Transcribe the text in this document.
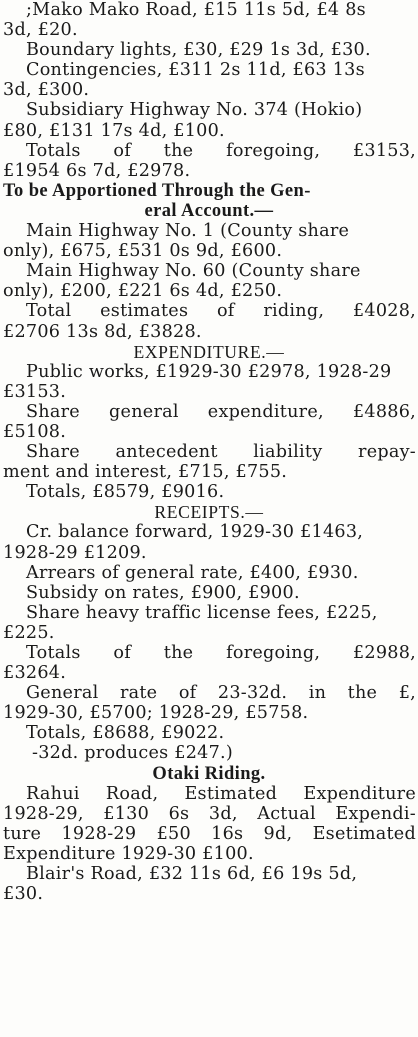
;Mako Mako Road, £15 11s 5d, £4 8s
3d, £20.
Boundary lights, £30, £29 1s 3d, £30.
Contingencies, £311 2s 11d, £63 13s
3d, £300.
Subsidiary Highway No. 374 (Hokio)
£80, £131 17s 4d, £100.
Totals of the foregoing, £3153,
£1954 6s 7d, £2978.
To be Apportioned Through the Gen-
eral Account.—
Main Highway No. 1 (County share
only), £675, £531 0s 9d, £600.
Main Highway No. 60 (County share
only), £200, £221 6s 4d, £250.
Total estimates of riding, £4028,
£2706 13s 8d, £3828.
EXPENDITURE.—
Public works, £1929-30 £2978, 1928-29
£3153.
Share general expenditure, £4886,
£5108.
Share antecedent liability repay-
ment and interest, £715, £755.
Totals, £8579, £9016.
RECEIPTS.—
Cr. balance forward, 1929-30 £1463,
1928-29 £1209.
Arrears of general rate, £400, £930.
Subsidy on rates, £900, £900.
Share heavy traffic license fees, £225,
£225.
Totals of the foregoing, £2988,
£3264.
General rate of 23-32d. in the £,
1929-30, £5700; 1928-29, £5758.
Totals, £8688, £9022.
-32d. produces £247.)
Otaki Riding.
Rahui Road, Estimated Expenditure
1928-29, £130 6s 3d, Actual Expendi-
ture 1928-29 £50 16s 9d, Esetimated
Expenditure 1929-30 £100.
Blair's Road, £32 11s 6d, £6 19s 5d,
£30.
